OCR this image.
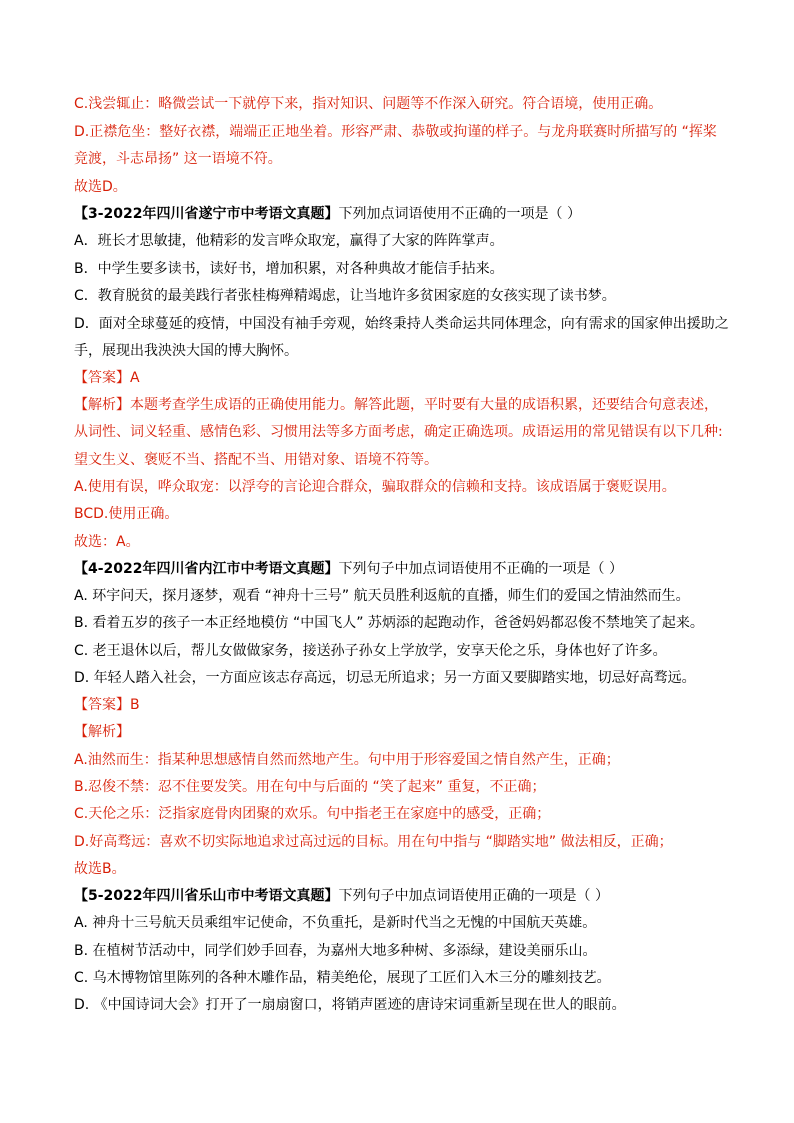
C.浅尝辄止：略微尝试一下就停下来，指对知识、问题等不作深入研究。符合语境，使用正确。
D.正襟危坐：整好衣襟，端端正正地坐着。形容严肃、恭敬或拘谨的样子。与龙舟联赛时所描写的 “挥桨
竞渡，斗志昂扬” 这一语境不符。
故选D。
【3-2022年四川省遂宁市中考语文真题】下列加点词语使用不正确的一项是（ ）
A．班长才思敏捷，他精彩的发言哗众取宠，赢得了大家的阵阵掌声。
B．中学生要多读书，读好书，增加积累，对各种典故才能信手拈来。
C．教育脱贫的最美践行者张桂梅殚精竭虑，让当地许多贫困家庭的女孩实现了读书梦。
D．面对全球蔓延的疫情，中国没有袖手旁观，始终秉持人类命运共同体理念，向有需求的国家伸出援助之
手，展现出我泱泱大国的博大胸怀。
【答案】A
【解析】本题考查学生成语的正确使用能力。解答此题，平时要有大量的成语积累，还要结合句意表述，
从词性、词义轻重、感情色彩、习惯用法等多方面考虑，确定正确选项。成语运用的常见错误有以下几种:
望文生义、褒贬不当、搭配不当、用错对象、语境不符等。
A.使用有误，哗众取宠：以浮夸的言论迎合群众，骗取群众的信赖和支持。该成语属于褒贬误用。
BCD.使用正确。
故选：A。
【4-2022年四川省内江市中考语文真题】下列句子中加点词语使用不正确的一项是（ ）
A. 环宇问天，探月逐梦，观看 “神舟十三号” 航天员胜利返航的直播，师生们的爱国之情油然而生。
B. 看着五岁的孩子一本正经地模仿 “中国飞人” 苏炳添的起跑动作，爸爸妈妈都忍俊不禁地笑了起来。
C. 老王退休以后，帮儿女做做家务，接送孙子孙女上学放学，安享天伦之乐，身体也好了许多。
D. 年轻人踏入社会，一方面应该志存高远，切忌无所追求；另一方面又要脚踏实地，切忌好高骛远。
【答案】B
【解析】
A.油然而生：指某种思想感情自然而然地产生。句中用于形容爱国之情自然产生，正确；
B.忍俊不禁：忍不住要发笑。用在句中与后面的 “笑了起来” 重复，不正确；
C.天伦之乐：泛指家庭骨肉团聚的欢乐。句中指老王在家庭中的感受，正确；
D.好高骛远：喜欢不切实际地追求过高过远的目标。用在句中指与 “脚踏实地” 做法相反，正确；
故选B。
【5-2022年四川省乐山市中考语文真题】下列句子中加点词语使用正确的一项是（ ）
A. 神舟十三号航天员乘组牢记使命，不负重托，是新时代当之无愧的中国航天英雄。
B. 在植树节活动中，同学们妙手回春，为嘉州大地多种树、多添绿，建设美丽乐山。
C. 乌木博物馆里陈列的各种木雕作品，精美绝伦，展现了工匠们入木三分的雕刻技艺。
D. 《中国诗词大会》打开了一扇扇窗口，将销声匿迹的唐诗宋词重新呈现在世人的眼前。
